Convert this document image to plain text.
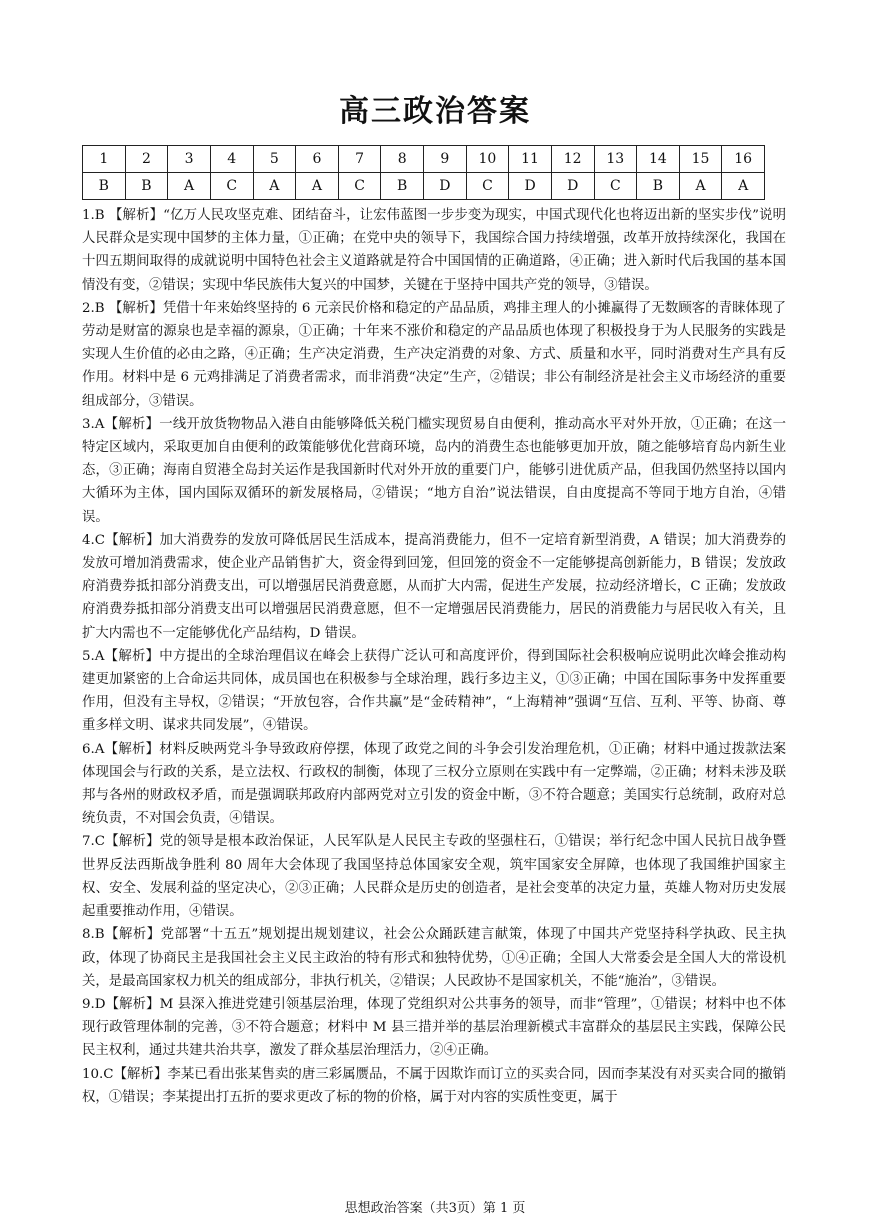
高三政治答案
1	2	3	4	5	6	7	8	9	10	11	12	13	14	15	16
B	B	A	C	A	A	C	B	D	C	D	D	C	B	A	A

1.B 【解析】“亿万人民攻坚克难、团结奋斗，让宏伟蓝图一步步变为现实，中国式现代化也将迈出新的坚实步伐”说明人民群众是实现中国梦的主体力量，①正确；在党中央的领导下，我国综合国力持续增强，改革开放持续深化，我国在十四五期间取得的成就说明中国特色社会主义道路就是符合中国国情的正确道路，④正确；进入新时代后我国的基本国情没有变，②错误；实现中华民族伟大复兴的中国梦，关键在于坚持中国共产党的领导，③错误。

2.B 【解析】凭借十年来始终坚持的 6 元亲民价格和稳定的产品品质，鸡排主理人的小摊赢得了无数顾客的青睐体现了劳动是财富的源泉也是幸福的源泉，①正确；十年来不涨价和稳定的产品品质也体现了积极投身于为人民服务的实践是实现人生价值的必由之路，④正确；生产决定消费，生产决定消费的对象、方式、质量和水平，同时消费对生产具有反作用。材料中是 6 元鸡排满足了消费者需求，而非消费“决定”生产，②错误；非公有制经济是社会主义市场经济的重要组成部分，③错误。

3.A【解析】一线开放货物物品入港自由能够降低关税门槛实现贸易自由便利，推动高水平对外开放，①正确；在这一特定区域内，采取更加自由便利的政策能够优化营商环境，岛内的消费生态也能够更加开放，随之能够培育岛内新生业态，③正确；海南自贸港全岛封关运作是我国新时代对外开放的重要门户，能够引进优质产品，但我国仍然坚持以国内大循环为主体，国内国际双循环的新发展格局，②错误；“地方自治”说法错误，自由度提高不等同于地方自治，④错误。

4.C【解析】加大消费券的发放可降低居民生活成本，提高消费能力，但不一定培育新型消费，A 错误；加大消费券的发放可增加消费需求，使企业产品销售扩大，资金得到回笼，但回笼的资金不一定能够提高创新能力，B 错误；发放政府消费券抵扣部分消费支出，可以增强居民消费意愿，从而扩大内需，促进生产发展，拉动经济增长，C 正确；发放政府消费券抵扣部分消费支出可以增强居民消费意愿，但不一定增强居民消费能力，居民的消费能力与居民收入有关，且扩大内需也不一定能够优化产品结构，D 错误。

5.A【解析】中方提出的全球治理倡议在峰会上获得广泛认可和高度评价，得到国际社会积极响应说明此次峰会推动构建更加紧密的上合命运共同体，成员国也在积极参与全球治理，践行多边主义，①③正确；中国在国际事务中发挥重要作用，但没有主导权，②错误；“开放包容，合作共赢”是“金砖精神”，“上海精神”强调“互信、互利、平等、协商、尊重多样文明、谋求共同发展”，④错误。

6.A【解析】材料反映两党斗争导致政府停摆，体现了政党之间的斗争会引发治理危机，①正确；材料中通过拨款法案体现国会与行政的关系，是立法权、行政权的制衡，体现了三权分立原则在实践中有一定弊端，②正确；材料未涉及联邦与各州的财政权矛盾，而是强调联邦政府内部两党对立引发的资金中断，③不符合题意；美国实行总统制，政府对总统负责，不对国会负责，④错误。

7.C【解析】党的领导是根本政治保证，人民军队是人民民主专政的坚强柱石，①错误；举行纪念中国人民抗日战争暨世界反法西斯战争胜利 80 周年大会体现了我国坚持总体国家安全观，筑牢国家安全屏障，也体现了我国维护国家主权、安全、发展利益的坚定决心，②③正确；人民群众是历史的创造者，是社会变革的决定力量，英雄人物对历史发展起重要推动作用，④错误。

8.B【解析】党部署“十五五”规划提出规划建议，社会公众踊跃建言献策，体现了中国共产党坚持科学执政、民主执政，体现了协商民主是我国社会主义民主政治的特有形式和独特优势，①④正确；全国人大常委会是全国人大的常设机关，是最高国家权力机关的组成部分，非执行机关，②错误；人民政协不是国家机关，不能“施治”，③错误。

9.D【解析】M 县深入推进党建引领基层治理，体现了党组织对公共事务的领导，而非“管理”，①错误；材料中也不体现行政管理体制的完善，③不符合题意；材料中 M 县三措并举的基层治理新模式丰富群众的基层民主实践，保障公民民主权利，通过共建共治共享，激发了群众基层治理活力，②④正确。

10.C【解析】李某已看出张某售卖的唐三彩属赝品，不属于因欺诈而订立的买卖合同，因而李某没有对买卖合同的撤销权，①错误；李某提出打五折的要求更改了标的物的价格，属于对内容的实质性变更，属于

思想政治答案（共3页）第 1 页
